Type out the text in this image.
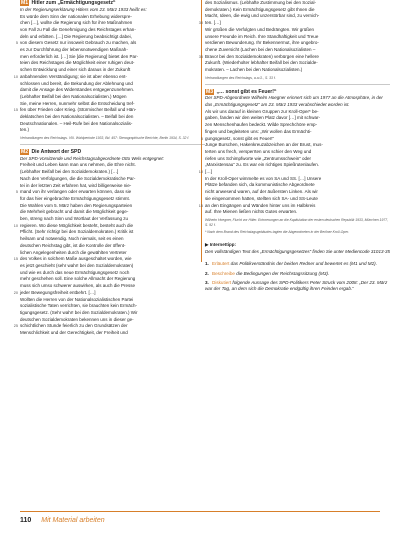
M1 Hitler zum „Ermächtigungsgesetz“

In der Regierungserklärung Hitlers vom 23. März 1933 heißt es:

Es würde dem Sinn der nationalen Erhebung widerspre-

chen […], wollte die Regierung sich für ihre Maßnahmen

von Fall zu Fall die Genehmigung des Reichstages erhan-

deln und erbitten. […] Die Regierung beabsichtigt dabei,

5 von diesem Gesetz nur insoweit Gebrauch zu machen, als

es zur Durchführung der lebensnotwendigen Maßnah-

men erforderlich ist. […] Sie [die Regierung] bietet den Par-

teien des Reichstages die Möglichkeit einer ruhigen deut-

schen Entwicklung und einer sich daraus in der Zukunft

10 anbahnenden Verständigung; sie ist aber ebenso ent-

schlossen und bereit, die Bekundung der Ablehnung und

damit die Ansage des Widerstandes entgegenzunehmen.

(Lebhafter Beifall bei den Nationalsozialisten.) Mögen

Sie, meine Herren, nunmehr selbst die Entscheidung tref-

15 fen über Frieden oder Krieg. (Stürmischer Beifall und Hän-

deklatschen bei den Nationalsozialisten. – Beifall bei den

Deutschnationalen. – Heil-Rufe bei den Nationalsozialis-

ten.)

Verhandlungen des Reichstags. VIII. Wahlperiode 1933, Bd. 457: Stenographische Berichte, Berlin 1934, S. 32 f.

M2 Die Antwort der SPD

Der SPD-Vorsitzende und Reichstagsabgeordnete Otto Wels entgegnet:

Freiheit und Leben kann man uns nehmen, die Ehre nicht.

(Lebhafter Beifall bei den Sozialdemokraten.) […]

Nach den Verfolgungen, die die Sozialdemokratische Par-

tei in der letzten Zeit erfahren hat, wird billigerweise nie-

5 mand von ihr verlangen oder erwarten können, dass sie

für das hier eingebrachte Ermächtigungsgesetz stimmt.

Die Wahlen vom 5. März haben den Regierungsparteien

die Mehrheit gebracht und damit die Möglichkeit gege-

ben, streng nach Sinn und Wortlaut der Verfassung zu

10 regieren. Wo diese Möglichkeit besteht, besteht auch die

Pflicht. (Sehr richtig! bei den Sozialdemokraten.) Kritik ist

heilsam und notwendig. Noch niemals, seit es einen

deutschen Reichstag gibt, ist die Kontrolle der öffent-

lichen Angelegenheiten durch die gewählten Vertreter

15 des Volkes in solchem Maße ausgeschaltet worden, wie

es jetzt geschieht (sehr wahr! bei den Sozialdemokraten)

und wie es durch das neue Ermächtigungsgesetz noch

mehr geschehen soll. Eine solche Allmacht der Regierung

muss sich umso schwerer auswirken, als auch die Presse

20 jeder Bewegungsfreiheit entbehrt. […]

Wollten die Herren von der Nationalsozialistischen Partei

sozialistische Taten verrichten, sie brauchten kein Ermäch-

tigungsgesetz. (Sehr wahr! bei den Sozialdemokraten.) Wir

deutschen Sozialdemokraten bekennen uns in dieser ge-

25 schichtlichen Stunde feierlich zu den Grundsätzen der

Menschlichkeit und der Gerechtigkeit, der Freiheit und

des Sozialismus. (Lebhafte Zustimmung bei den Sozial-

demokraten.) Kein Ermächtigungsgesetz gibt Ihnen die

Macht, Ideen, die ewig und unzerstörbar sind, zu vernich-

30 ten. […]

Wir grüßen die Verfolgten und Bedrängten. Wir grüßen

unsere Freunde im Reich. Ihre Standhaftigkeit und Treue

verdienen Bewunderung. Ihr Bekennermut, ihre ungebro-

chene Zuversicht (Lachen bei den Nationalsozialisten –

35 Bravo! bei den Sozialdemokraten) verbürgen eine hellere

Zukunft. (Wiederholter lebhafter Beifall bei den Sozialde-

mokraten. – Lachen bei den Nationalsozialisten.)

Verhandlungen des Reichstags, a.a.O., S. 33 f.

M3 „… sonst gibt es Feuer!“

Der SPD-Abgeordnete Wilhelm Hoegner erinnert sich um 1977 an die Atmosphäre, in der das „Ermächtigungsgesetz“ am 23. März 1933 verabschiedet worden ist.

Als wir uns darauf in kleinen Gruppen zur Kroll-Oper* be-

gaben, fanden wir den weiten Platz davor […] mit schwar-

zen Menschenhaufen bedeckt. Wilde Sprechchöre emp-

fingen und begleiteten uns: „Wir wollen das Ermächti-

5 gungsgesetz, sonst gibt es Feuer!“

Junge Burschen, Hakenkreuzabzeichen an der Brust, mus-

terten uns frech, versperrten uns schier den Weg und

riefen uns Schimpfworte wie „Zentrumsschwein“ oder

„Marxistensau“ zu. Es war ein richtiges Spießrutenlaufen.

10 […]

In der Kroll-Oper wimmelte es von SA und SS. […] Unsere

Plätze befanden sich, da kommunistische Abgeordnete

nicht anwesend waren, auf der äußersten Linken. Als wir

sie eingenommen hatten, stellten sich SA- und SS-Leute

15 an den Eingängen und Wänden hinter uns im Halbkreis

auf. Ihre Mienen ließen nichts Gutes erwarten.

Wilhelm Hoegner, Flucht vor Hitler. Erinnerungen an die Kapitulation der ersten deutschen Republik 1933, München 1977, S. 92 f.

* Nach dem Brand des Reichstagsgebäudes tagten die Abgeordneten in der Berliner Kroll-Oper.

▶ Internettipp:
Den vollständigen Text des „Ermächtigungsgesetzes“ finden Sie unter Mediencode 31013-35
1. Erläutert das Politikverständnis der beiden Redner und bewertet es (M1 und M2).
2. Beschreibe die Bedingungen der Reichstagssitzung (M3).
3. Diskutiert folgende Aussage des SPD-Politikers Peter Struck vom 2008: „Der 23. März war der Tag, an dem sich die Demokratie endgültig ihren Feinden ergab.“
110 Mit Material arbeiten
